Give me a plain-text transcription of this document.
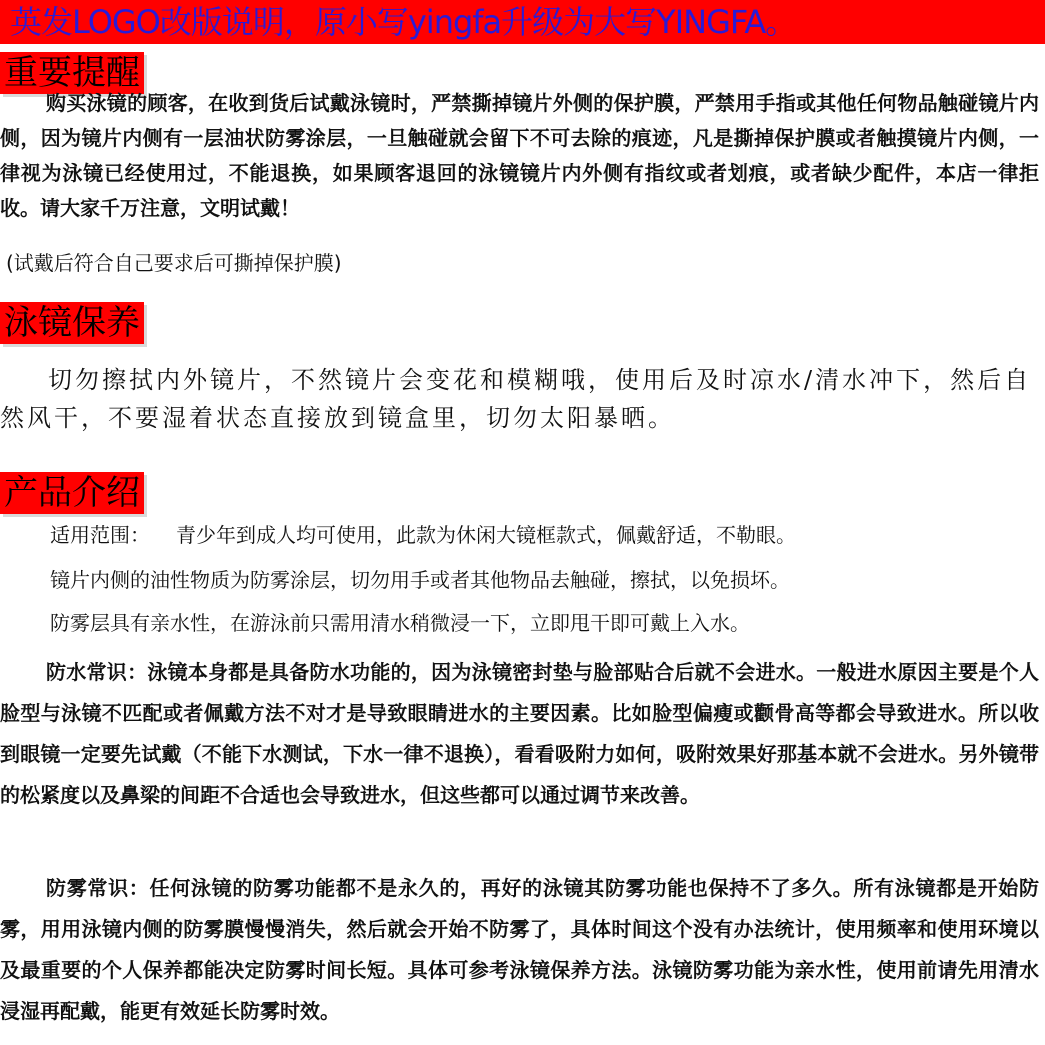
英发LOGO改版说明，原小写yingfa升级为大写YINGFA。
重要提醒

购买泳镜的顾客，在收到货后试戴泳镜时，严禁撕掉镜片外侧的保护膜，严禁用手指或其他任何物品触碰镜片内侧，因为镜片内侧有一层油状防雾涂层，一旦触碰就会留下不可去除的痕迹，凡是撕掉保护膜或者触摸镜片内侧，一律视为泳镜已经使用过，不能退换，如果顾客退回的泳镜镜片内外侧有指纹或者划痕，或者缺少配件，本店一律拒收。请大家千万注意，文明试戴！

(试戴后符合自己要求后可撕掉保护膜)
泳镜保养

切勿擦拭内外镜片，不然镜片会变花和模糊哦，使用后及时凉水/清水冲下，然后自然风干，不要湿着状态直接放到镜盒里，切勿太阳暴晒。

产品介绍
适用范围： 青少年到成人均可使用，此款为休闲大镜框款式，佩戴舒适，不勒眼。
镜片内侧的油性物质为防雾涂层，切勿用手或者其他物品去触碰，擦拭，以免损坏。
防雾层具有亲水性，在游泳前只需用清水稍微浸一下，立即甩干即可戴上入水。

防水常识：泳镜本身都是具备防水功能的，因为泳镜密封垫与脸部贴合后就不会进水。一般进水原因主要是个人脸型与泳镜不匹配或者佩戴方法不对才是导致眼睛进水的主要因素。比如脸型偏瘦或颧骨高等都会导致进水。所以收到眼镜一定要先试戴（不能下水测试，下水一律不退换），看看吸附力如何，吸附效果好那基本就不会进水。另外镜带的松紧度以及鼻梁的间距不合适也会导致进水，但这些都可以通过调节来改善。

防雾常识：任何泳镜的防雾功能都不是永久的，再好的泳镜其防雾功能也保持不了多久。所有泳镜都是开始防雾，用用泳镜内侧的防雾膜慢慢消失，然后就会开始不防雾了，具体时间这个没有办法统计，使用频率和使用环境以及最重要的个人保养都能决定防雾时间长短。具体可参考泳镜保养方法。泳镜防雾功能为亲水性，使用前请先用清水浸湿再配戴，能更有效延长防雾时效。
